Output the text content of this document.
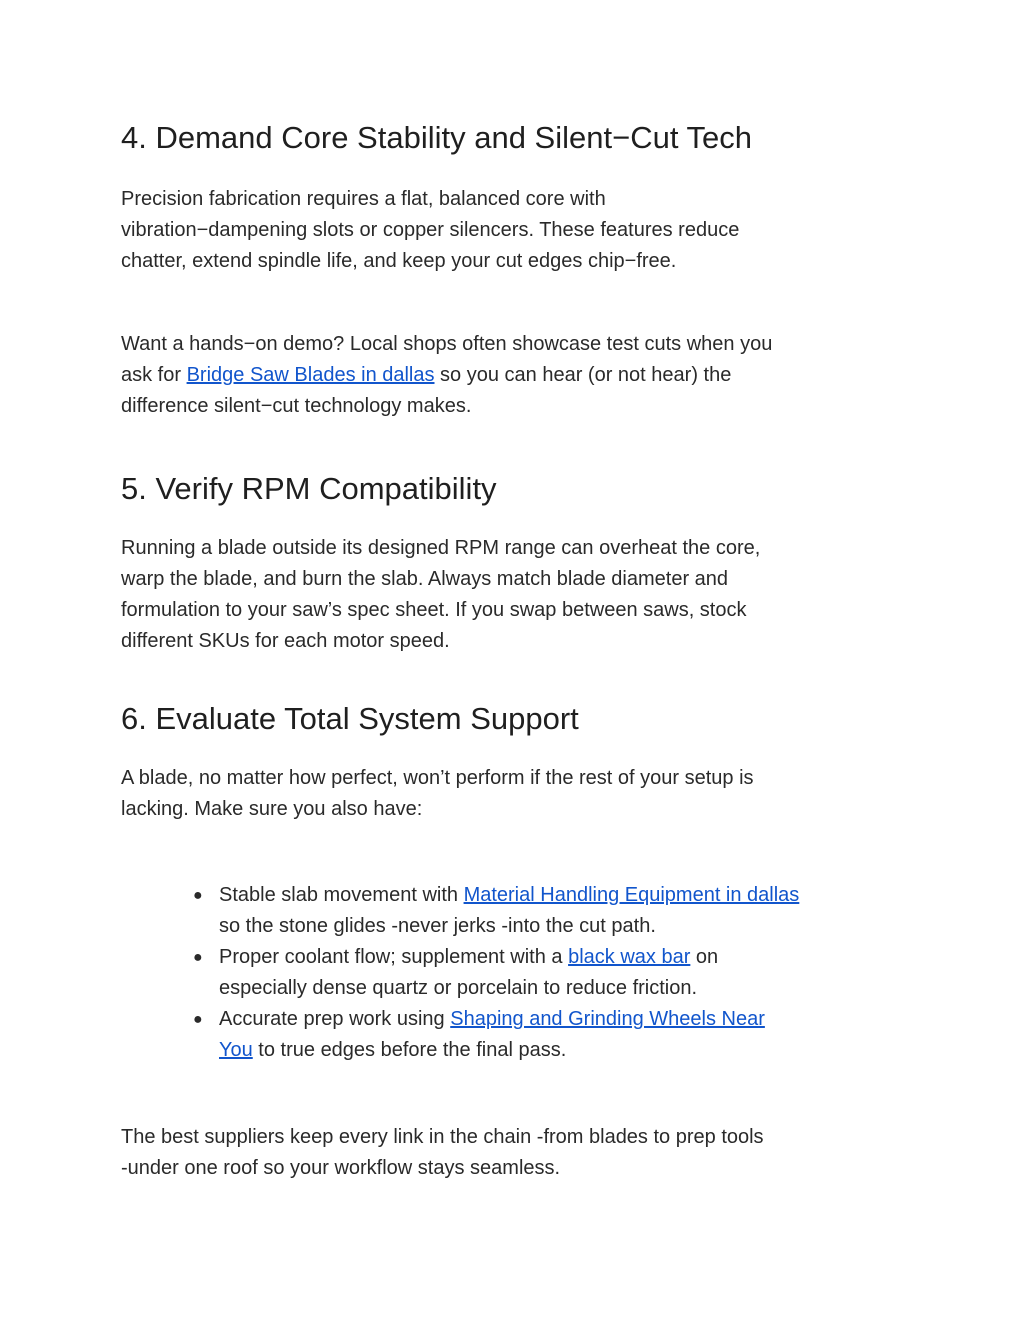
4. Demand Core Stability and Silent−Cut Tech

Precision fabrication requires a flat, balanced core with
vibration−dampening slots or copper silencers. These features reduce
chatter, extend spindle life, and keep your cut edges chip−free.

Want a hands−on demo? Local shops often showcase test cuts when you
ask for Bridge Saw Blades in dallas so you can hear (or not hear) the
difference silent−cut technology makes.

5. Verify RPM Compatibility

Running a blade outside its designed RPM range can overheat the core,
warp the blade, and burn the slab. Always match blade diameter and
formulation to your saw’s spec sheet. If you swap between saws, stock
different SKUs for each motor speed.

6. Evaluate Total System Support

A blade, no matter how perfect, won’t perform if the rest of your setup is
lacking. Make sure you also have:

● Stable slab movement with Material Handling Equipment in dallas
so the stone glides -never jerks -into the cut path.
● Proper coolant flow; supplement with a black wax bar on
especially dense quartz or porcelain to reduce friction.
● Accurate prep work using Shaping and Grinding Wheels Near
You to true edges before the final pass.

The best suppliers keep every link in the chain -from blades to prep tools
-under one roof so your workflow stays seamless.
